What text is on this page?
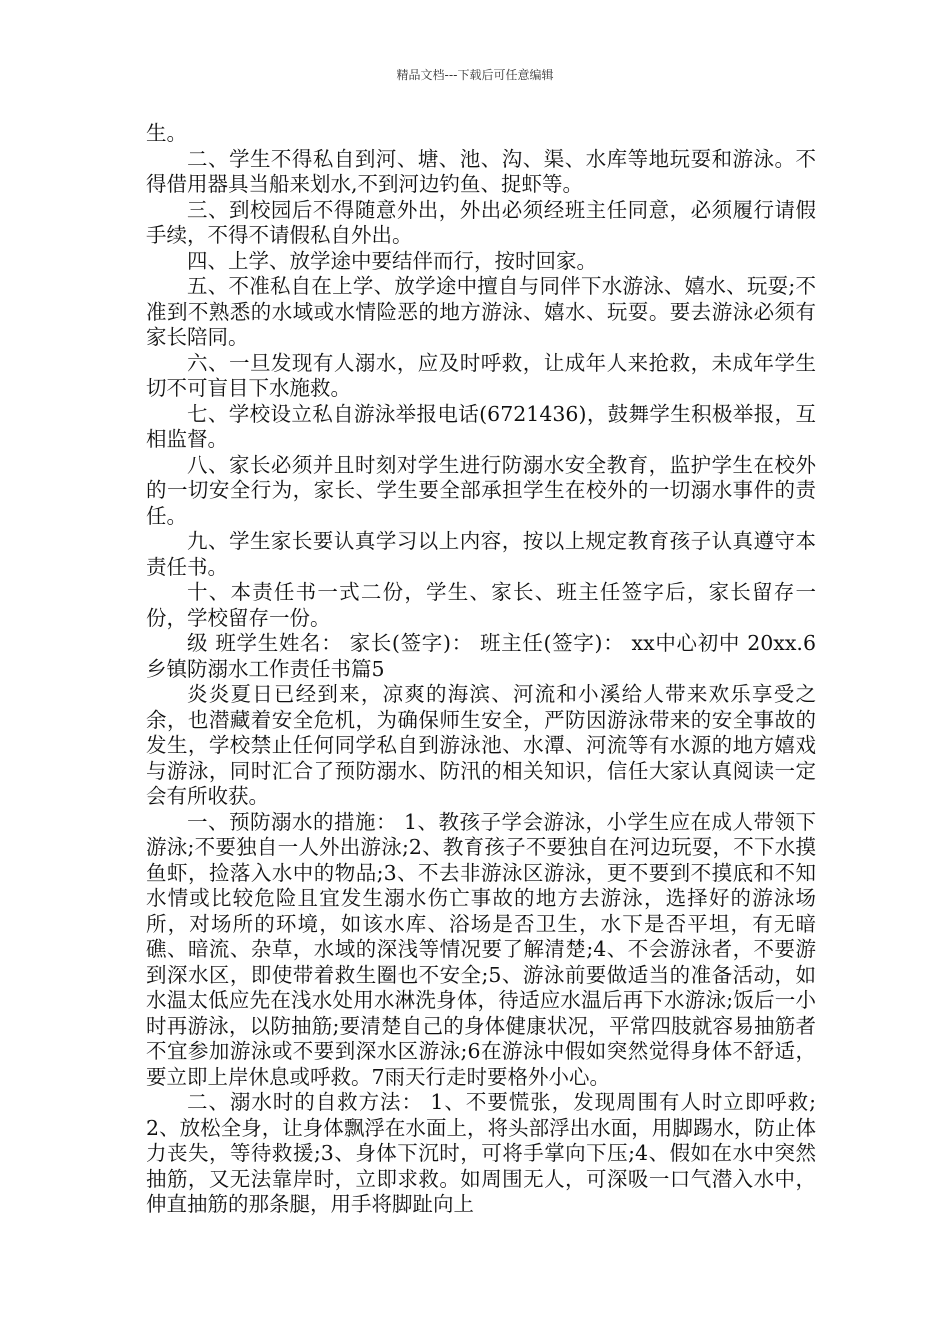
精品文档---下载后可任意编辑

生。

二、学生不得私自到河、塘、池、沟、渠、水库等地玩耍和游泳。不得借用器具当船来划水,不到河边钓鱼、捉虾等。

三、到校园后不得随意外出，外出必须经班主任同意，必须履行请假手续，不得不请假私自外出。

四、上学、放学途中要结伴而行，按时回家。

五、不准私自在上学、放学途中擅自与同伴下水游泳、嬉水、玩耍;不准到不熟悉的水域或水情险恶的地方游泳、嬉水、玩耍。要去游泳必须有家长陪同。

六、一旦发现有人溺水，应及时呼救，让成年人来抢救，未成年学生切不可盲目下水施救。

七、学校设立私自游泳举报电话(6721436)，鼓舞学生积极举报，互相监督。

八、家长必须并且时刻对学生进行防溺水安全教育，监护学生在校外的一切安全行为，家长、学生要全部承担学生在校外的一切溺水事件的责任。

九、学生家长要认真学习以上内容，按以上规定教育孩子认真遵守本责任书。

十、本责任书一式二份，学生、家长、班主任签字后，家长留存一份，学校留存一份。

级 班学生姓名： 家长(签字)： 班主任(签字)： xx中心初中 20xx.6 乡镇防溺水工作责任书篇5

炎炎夏日已经到来，凉爽的海滨、河流和小溪给人带来欢乐享受之余，也潜藏着安全危机，为确保师生安全，严防因游泳带来的安全事故的发生，学校禁止任何同学私自到游泳池、水潭、河流等有水源的地方嬉戏与游泳，同时汇合了预防溺水、防汛的相关知识，信任大家认真阅读一定会有所收获。

一、预防溺水的措施： 1、教孩子学会游泳，小学生应在成人带领下游泳;不要独自一人外出游泳;2、教育孩子不要独自在河边玩耍，不下水摸鱼虾，捡落入水中的物品;3、不去非游泳区游泳，更不要到不摸底和不知水情或比较危险且宜发生溺水伤亡事故的地方去游泳，选择好的游泳场所，对场所的环境，如该水库、浴场是否卫生，水下是否平坦，有无暗礁、暗流、杂草，水域的深浅等情况要了解清楚;4、不会游泳者，不要游到深水区，即使带着救生圈也不安全;5、游泳前要做适当的准备活动，如水温太低应先在浅水处用水淋洗身体，待适应水温后再下水游泳;饭后一小时再游泳，以防抽筋;要清楚自己的身体健康状况，平常四肢就容易抽筋者不宜参加游泳或不要到深水区游泳;6在游泳中假如突然觉得身体不舒适，要立即上岸休息或呼救。7雨天行走时要格外小心。

二、溺水时的自救方法： 1、不要慌张，发现周围有人时立即呼救; 2、放松全身，让身体飘浮在水面上，将头部浮出水面，用脚踢水，防止体力丧失，等待救援;3、身体下沉时，可将手掌向下压;4、假如在水中突然抽筋，又无法靠岸时，立即求救。如周围无人，可深吸一口气潜入水中，伸直抽筋的那条腿，用手将脚趾向上
